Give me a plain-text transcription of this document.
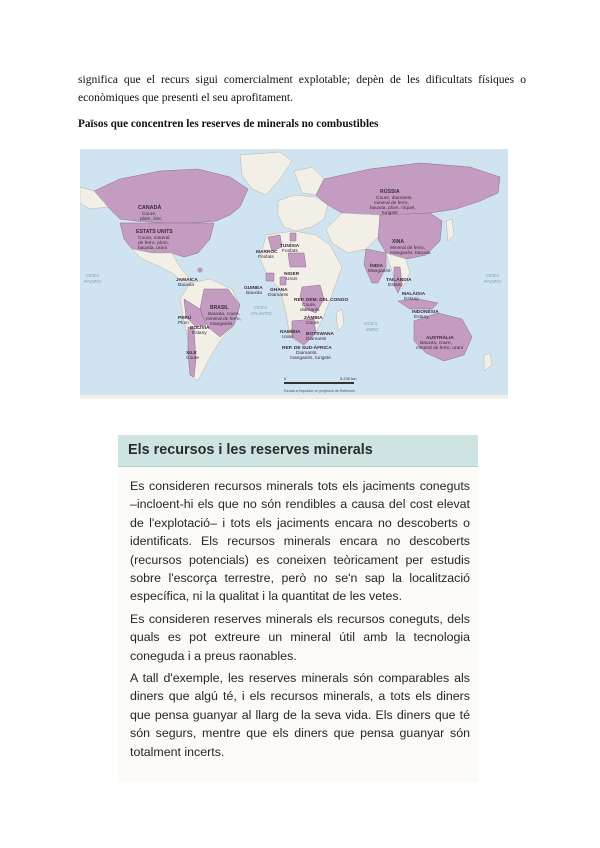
significa que el recurs sigui comercialment explotable; depèn de les dificultats físiques o
econòmiques que presenti el seu aprofitament.
Països que concentren les reserves de minerals no combustibles
CANADÀ
Coure,
plom, zinc
ESTATS UNITS
Coure, mineral
de ferro, plom,
bauxita, urani
RÚSSIA
Coure, diamants,
mineral de ferro,
bauxita, plom, níquel,
tungstè
XINA
Mineral de ferro,
manganès, bauxita
MARROC
Fosfats
TUNÍSIA
Fosfats
ÍNDIA
Manganès
NIGER
Urani
JAMAICA
Bauxita
GUINEA
Bauxita
GHANA
Diamants
BRASIL
Bauxita, coure,
mineral de ferro,
manganès
PERÚ
Plom
BOLÍVIA
Estany
XILE
Coure
REP. DEM. DEL CONGO
Coure,
diamants
ZÀMBIA
Coure
NAMÍBIA
Urani
BOTSWANA
Diamants
REP. DE SUD-ÀFRICA
Diamants,
manganès, tungstè
TAILÀNDIA
Estany
MALÀISIA
Estany
INDONÈSIA
Estany
AUSTRÀLIA
Bauxita, coure,
mineral de ferro, urani
OCEÀ
PACÍFIC
OCEÀ
ATLÀNTIC
OCEÀ
ÍNDIC
OCEÀ
PACÍFIC
0	5.230 km
Escala a l'equador en projecció de Robinson
Els recursos i les reserves minerals

Es consideren recursos minerals tots els jaciments coneguts –incloent-hi els que no són rendibles a causa del cost elevat de l'explotació– i tots els jaciments encara no descoberts o identificats. Els recursos minerals encara no descoberts (recursos potencials) es coneixen teòricament per estudis sobre l'escorça terrestre, però no se'n sap la localització específica, ni la qualitat i la quantitat de les vetes.

Es consideren reserves minerals els recursos coneguts, dels quals es pot extreure un mineral útil amb la tecnologia coneguda i a preus raonables.

A tall d'exemple, les reserves minerals són comparables als diners que algú té, i els recursos minerals, a tots els diners que pensa guanyar al llarg de la seva vida. Els diners que té són segurs, mentre que els diners que pensa guanyar són totalment incerts.
